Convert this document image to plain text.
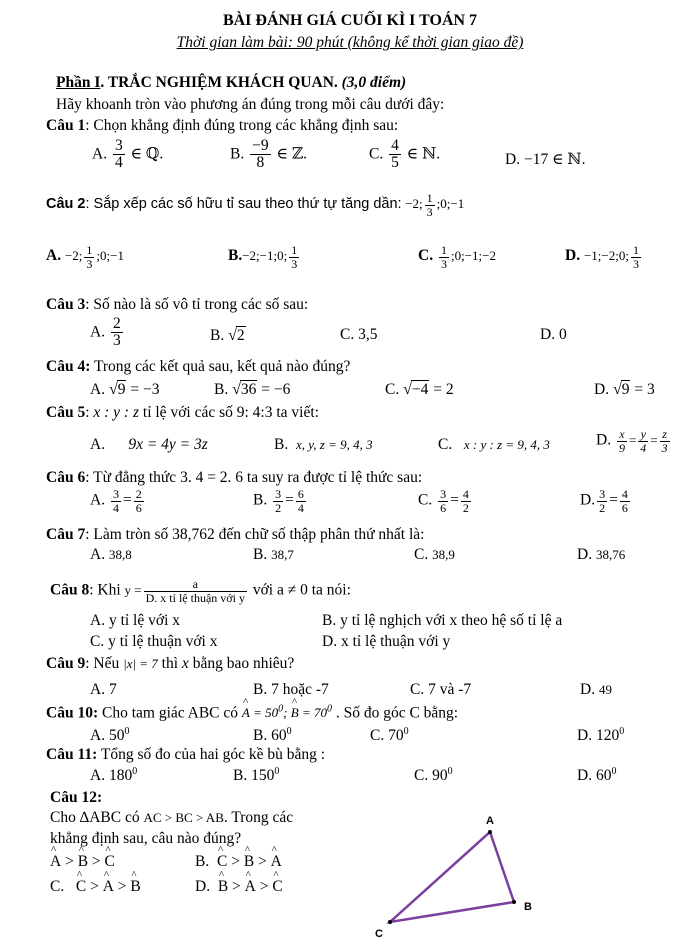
BÀI ĐÁNH GIÁ CUỐI KÌ I TOÁN 7
Thời gian làm bài: 90 phút (không kể thời gian giao đề)
Phần I. TRẮC NGHIỆM KHÁCH QUAN. (3,0 điểm)
Hãy khoanh tròn vào phương án đúng trong mỗi câu dưới đây:
Câu 1: Chọn khẳng định đúng trong các khẳng định sau:
A. $\frac{3}{4}$ ∈ ℚ.	B. $\frac{-9}{8}$ ∈ ℤ.	C. $\frac{4}{5}$ ∈ ℕ.	D. −17 ∈ ℕ.
Câu 2: Sắp xếp các số hữu tỉ sau theo thứ tự tăng dần: −2; $\frac{1}{3}$ ;0;−1
A. −2; $\frac{1}{3}$ ;0;−1	B.−2;−1;0; $\frac{1}{3}$	C. $\frac{1}{3}$ ;0;−1;−2	D. −1;−2;0; $\frac{1}{3}$
Câu 3: Số nào là số vô tỉ trong các số sau:
A. $\frac{2}{3}$	B. √2	C. 3,5	D. 0
Câu 4: Trong các kết quả sau, kết quả nào đúng?
A. √9 = −3	B. √36 = −6	C. √−4 = 2	D. √9 = 3
Câu 5: x : y : z tỉ lệ với các số 9: 4:3 ta viết:
A. 9x = 4y = 3z	B. x, y, z = 9, 4, 3	C. x : y : z = 9, 4, 3	D. $\frac{x}{9} = \frac{y}{4} = \frac{z}{3}$
Câu 6: Từ đẳng thức 3. 4 = 2. 6 ta suy ra được tỉ lệ thức sau:
A. $\frac{3}{4} = \frac{2}{6}$	B. $\frac{3}{2} = \frac{6}{4}$	C. $\frac{3}{6} = \frac{4}{2}$	D. $\frac{3}{2} = \frac{4}{6}$
Câu 7: Làm tròn số 38,762 đến chữ số thập phân thứ nhất là:
A. 38,8	B. 38,7	C. 38,9	D. 38,76
Câu 8: Khi $y = \frac{a}{\text{D. x tỉ lệ thuận với y}}$ với a ≠ 0 ta nói:
A. y tỉ lệ với x	B. y tỉ lệ nghịch với x theo hệ số tỉ lệ a
C. y tỉ lệ thuận với x	D. x tỉ lệ thuận với y
Câu 9: Nếu |x| = 7 thì x bằng bao nhiêu?
A. 7	B. 7 hoặc -7	C. 7 và -7	D. 49
Câu 10: Cho tam giác ABC có ^ $A = 50^0$; ^ $B = 70^0$ . Số đo góc C bằng:
A. $50^0$	B. $60^0$	C. $70^0$	D. $120^0$
Câu 11: Tổng số đo của hai góc kề bù bằng :
A. $180^0$	B. $150^0$	C. $90^0$	D. $60^0$
Câu 12:
Cho ∆ABC có AC > BC > AB. Trong các
khẳng định sau, câu nào đúng?
^ A > ^ B > ^ C	B. ^ C > ^ B > ^ A
C. ^ C > ^ A > ^ B	D. ^ B > ^ A > ^ C
A
B
C
